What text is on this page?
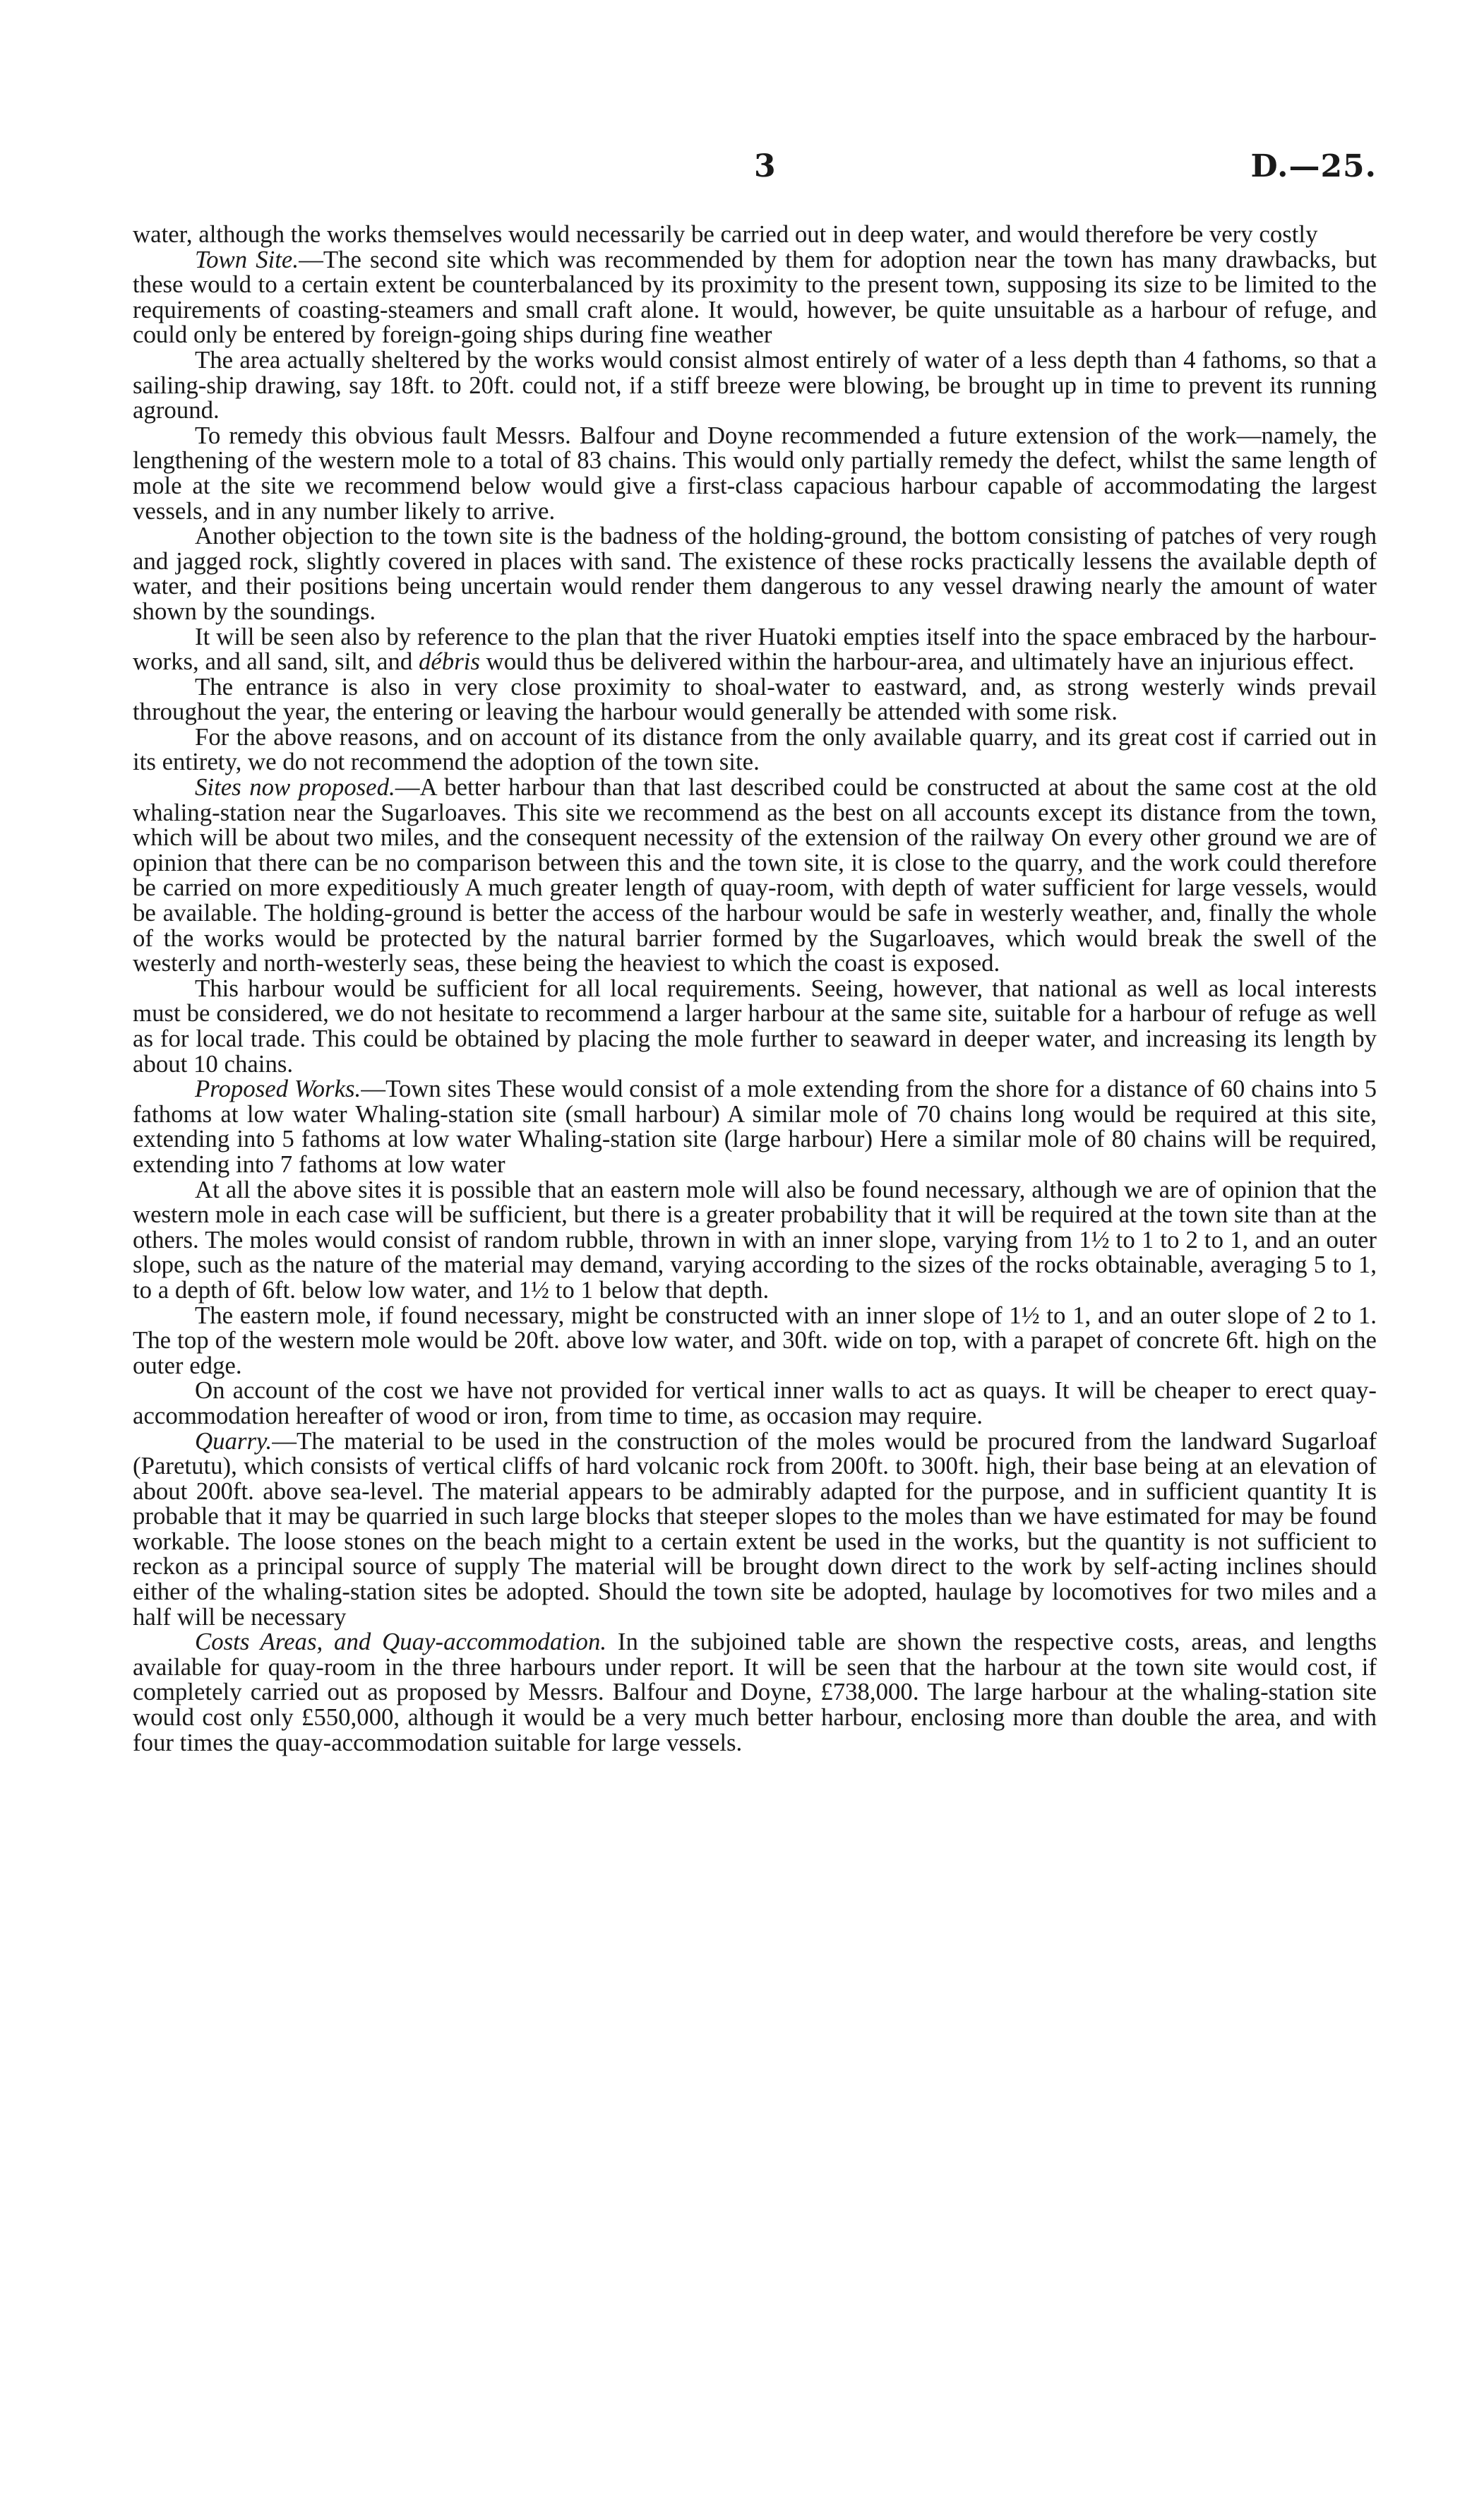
3	D.—25.

water, although the works themselves would necessarily be carried out in deep water, and would therefore be very costly

Town Site.—The second site which was recommended by them for adoption near the town has many drawbacks, but these would to a certain extent be counterbalanced by its proximity to the present town, supposing its size to be limited to the requirements of coasting-steamers and small craft alone. It would, however, be quite unsuitable as a harbour of refuge, and could only be entered by foreign-going ships during fine weather

The area actually sheltered by the works would consist almost entirely of water of a less depth than 4 fathoms, so that a sailing-ship drawing, say 18ft. to 20ft. could not, if a stiff breeze were blowing, be brought up in time to prevent its running aground.

To remedy this obvious fault Messrs. Balfour and Doyne recommended a future extension of the work—namely, the lengthening of the western mole to a total of 83 chains. This would only partially remedy the defect, whilst the same length of mole at the site we recommend below would give a first-class capacious harbour capable of accommodating the largest vessels, and in any number likely to arrive.

Another objection to the town site is the badness of the holding-ground, the bottom consisting of patches of very rough and jagged rock, slightly covered in places with sand. The existence of these rocks practically lessens the available depth of water, and their positions being uncertain would render them dangerous to any vessel drawing nearly the amount of water shown by the soundings.

It will be seen also by reference to the plan that the river Huatoki empties itself into the space embraced by the harbour-works, and all sand, silt, and débris would thus be delivered within the harbour-area, and ultimately have an injurious effect.

The entrance is also in very close proximity to shoal-water to eastward, and, as strong westerly winds prevail throughout the year, the entering or leaving the harbour would generally be attended with some risk.

For the above reasons, and on account of its distance from the only available quarry, and its great cost if carried out in its entirety, we do not recommend the adoption of the town site.

Sites now proposed.—A better harbour than that last described could be constructed at about the same cost at the old whaling-station near the Sugarloaves. This site we recommend as the best on all accounts except its distance from the town, which will be about two miles, and the consequent necessity of the extension of the railway On every other ground we are of opinion that there can be no comparison between this and the town site, it is close to the quarry, and the work could therefore be carried on more expeditiously A much greater length of quay-room, with depth of water sufficient for large vessels, would be available. The holding-ground is better the access of the harbour would be safe in westerly weather, and, finally the whole of the works would be protected by the natural barrier formed by the Sugarloaves, which would break the swell of the westerly and north-westerly seas, these being the heaviest to which the coast is exposed.

This harbour would be sufficient for all local requirements. Seeing, however, that national as well as local interests must be considered, we do not hesitate to recommend a larger harbour at the same site, suitable for a harbour of refuge as well as for local trade. This could be obtained by placing the mole further to seaward in deeper water, and increasing its length by about 10 chains.

Proposed Works.—Town sites These would consist of a mole extending from the shore for a distance of 60 chains into 5 fathoms at low water Whaling-station site (small harbour) A similar mole of 70 chains long would be required at this site, extending into 5 fathoms at low water Whaling-station site (large harbour) Here a similar mole of 80 chains will be required, extending into 7 fathoms at low water

At all the above sites it is possible that an eastern mole will also be found necessary, although we are of opinion that the western mole in each case will be sufficient, but there is a greater probability that it will be required at the town site than at the others. The moles would consist of random rubble, thrown in with an inner slope, varying from 1½ to 1 to 2 to 1, and an outer slope, such as the nature of the material may demand, varying according to the sizes of the rocks obtainable, averaging 5 to 1, to a depth of 6ft. below low water, and 1½ to 1 below that depth.

The eastern mole, if found necessary, might be constructed with an inner slope of 1½ to 1, and an outer slope of 2 to 1. The top of the western mole would be 20ft. above low water, and 30ft. wide on top, with a parapet of concrete 6ft. high on the outer edge.

On account of the cost we have not provided for vertical inner walls to act as quays. It will be cheaper to erect quay-accommodation hereafter of wood or iron, from time to time, as occasion may require.

Quarry.—The material to be used in the construction of the moles would be procured from the landward Sugarloaf (Paretutu), which consists of vertical cliffs of hard volcanic rock from 200ft. to 300ft. high, their base being at an elevation of about 200ft. above sea-level. The material appears to be admirably adapted for the purpose, and in sufficient quantity It is probable that it may be quarried in such large blocks that steeper slopes to the moles than we have estimated for may be found workable. The loose stones on the beach might to a certain extent be used in the works, but the quantity is not sufficient to reckon as a principal source of supply The material will be brought down direct to the work by self-acting inclines should either of the whaling-station sites be adopted. Should the town site be adopted, haulage by locomotives for two miles and a half will be necessary

Costs Areas, and Quay-accommodation. In the subjoined table are shown the respective costs, areas, and lengths available for quay-room in the three harbours under report. It will be seen that the harbour at the town site would cost, if completely carried out as proposed by Messrs. Balfour and Doyne, £738,000. The large harbour at the whaling-station site would cost only £550,000, although it would be a very much better harbour, enclosing more than double the area, and with four times the quay-accommodation suitable for large vessels.
